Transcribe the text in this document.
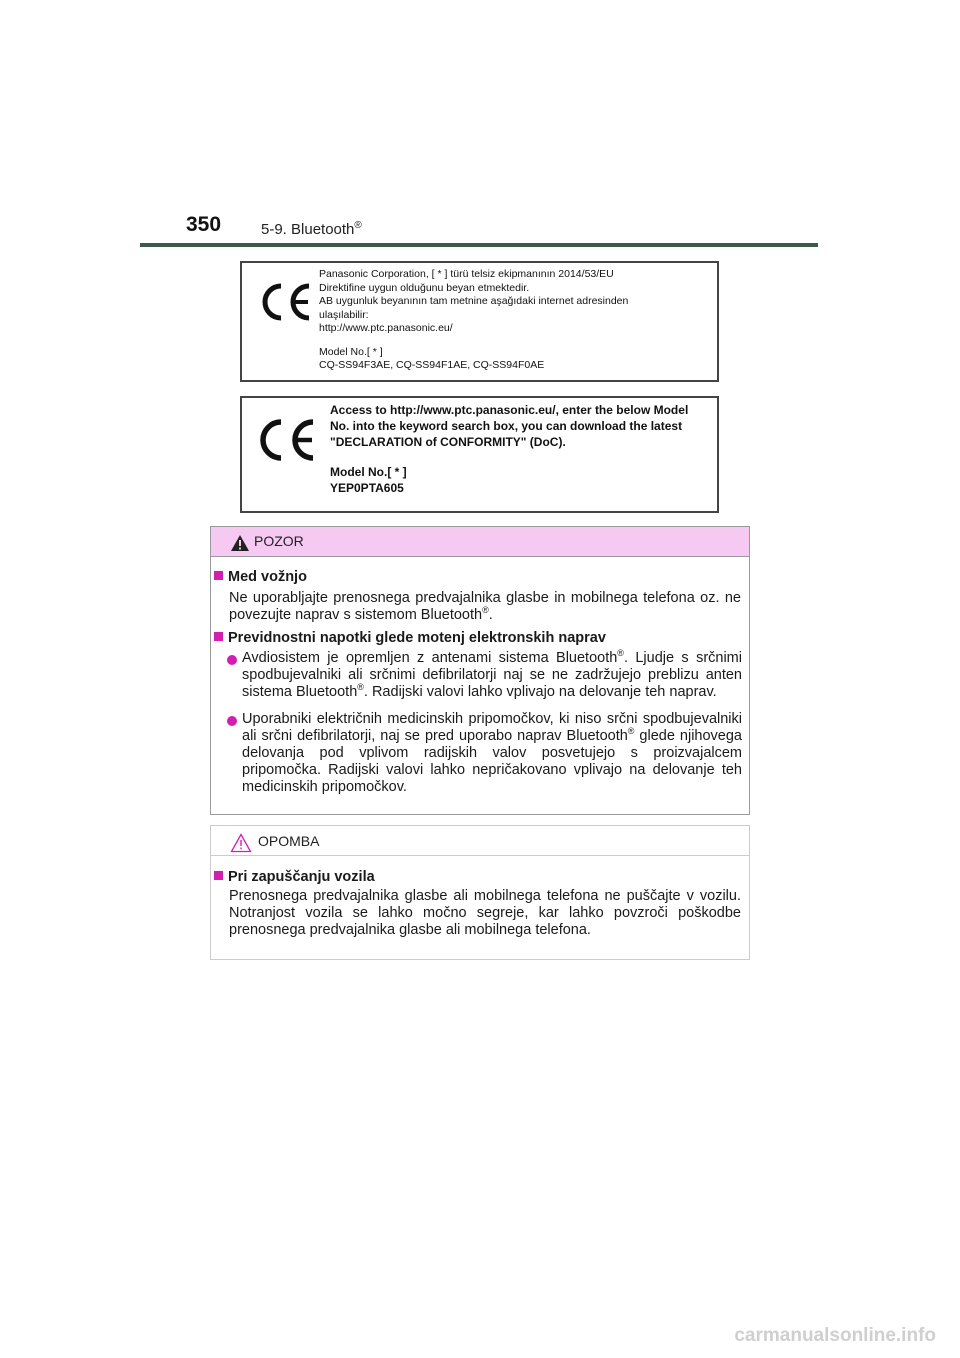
350	5-9. Bluetooth®
Panasonic Corporation, [ * ] türü telsiz ekipmanının 2014/53/EU
Direktifine uygun olduğunu beyan etmektedir.
AB uygunluk beyanının tam metnine aşağıdaki internet adresinden
ulaşılabilir:
http://www.ptc.panasonic.eu/
Model No.[ * ]
CQ-SS94F3AE, CQ-SS94F1AE, CQ-SS94F0AE
Access to http://www.ptc.panasonic.eu/, enter the below Model
No. into the keyword search box, you can download the latest
"DECLARATION of CONFORMITY" (DoC).
Model No.[ * ]
YEP0PTA605
POZOR
Med vožnjo
Ne uporabljajte prenosnega predvajalnika glasbe in mobilnega telefona oz. ne povezujte naprav s sistemom Bluetooth®.
Previdnostni napotki glede motenj elektronskih naprav
Avdiosistem je opremljen z antenami sistema Bluetooth®. Ljudje s srčnimi spodbujevalniki ali srčnimi defibrilatorji naj se ne zadržujejo preblizu anten sistema Bluetooth®. Radijski valovi lahko vplivajo na delovanje teh naprav.
Uporabniki električnih medicinskih pripomočkov, ki niso srčni spodbujevalniki ali srčni defibrilatorji, naj se pred uporabo naprav Bluetooth® glede njihovega delovanja pod vplivom radijskih valov posvetujejo s proizvajalcem pripomočka. Radijski valovi lahko nepričakovano vplivajo na delovanje teh medicinskih pripomočkov.
OPOMBA
Pri zapuščanju vozila
Prenosnega predvajalnika glasbe ali mobilnega telefona ne puščajte v vozilu. Notranjost vozila se lahko močno segreje, kar lahko povzroči poškodbe prenosnega predvajalnika glasbe ali mobilnega telefona.
carmanualsonline.info
